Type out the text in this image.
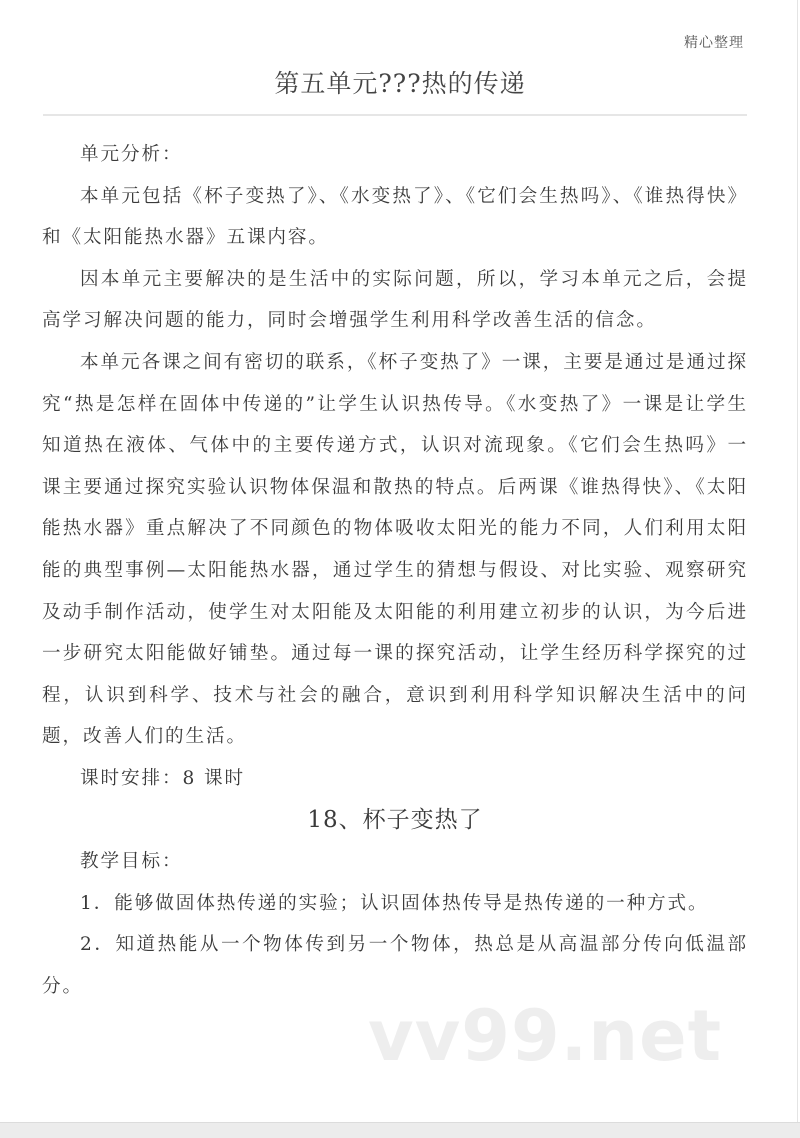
精心整理
第五单元???热的传递

单元分析：

本单元包括《杯子变热了》、《水变热了》、《它们会生热吗》、《谁热得快》和《太阳能热水器》五课内容。

因本单元主要解决的是生活中的实际问题，所以，学习本单元之后，会提高学习解决问题的能力，同时会增强学生利用科学改善生活的信念。

本单元各课之间有密切的联系，《杯子变热了》一课，主要是通过是通过探究“热是怎样在固体中传递的”让学生认识热传导。《水变热了》一课是让学生知道热在液体、气体中的主要传递方式，认识对流现象。《它们会生热吗》一课主要通过探究实验认识物体保温和散热的特点。后两课《谁热得快》、《太阳能热水器》重点解决了不同颜色的物体吸收太阳光的能力不同，人们利用太阳能的典型事例—太阳能热水器，通过学生的猜想与假设、对比实验、观察研究及动手制作活动，使学生对太阳能及太阳能的利用建立初步的认识，为今后进一步研究太阳能做好铺垫。通过每一课的探究活动，让学生经历科学探究的过程，认识到科学、技术与社会的融合，意识到利用科学知识解决生活中的问题，改善人们的生活。

课时安排：8 课时

18、杯子变热了

教学目标：

1．能够做固体热传递的实验；认识固体热传导是热传递的一种方式。

2．知道热能从一个物体传到另一个物体，热总是从高温部分传向低温部分。

vv99.net
